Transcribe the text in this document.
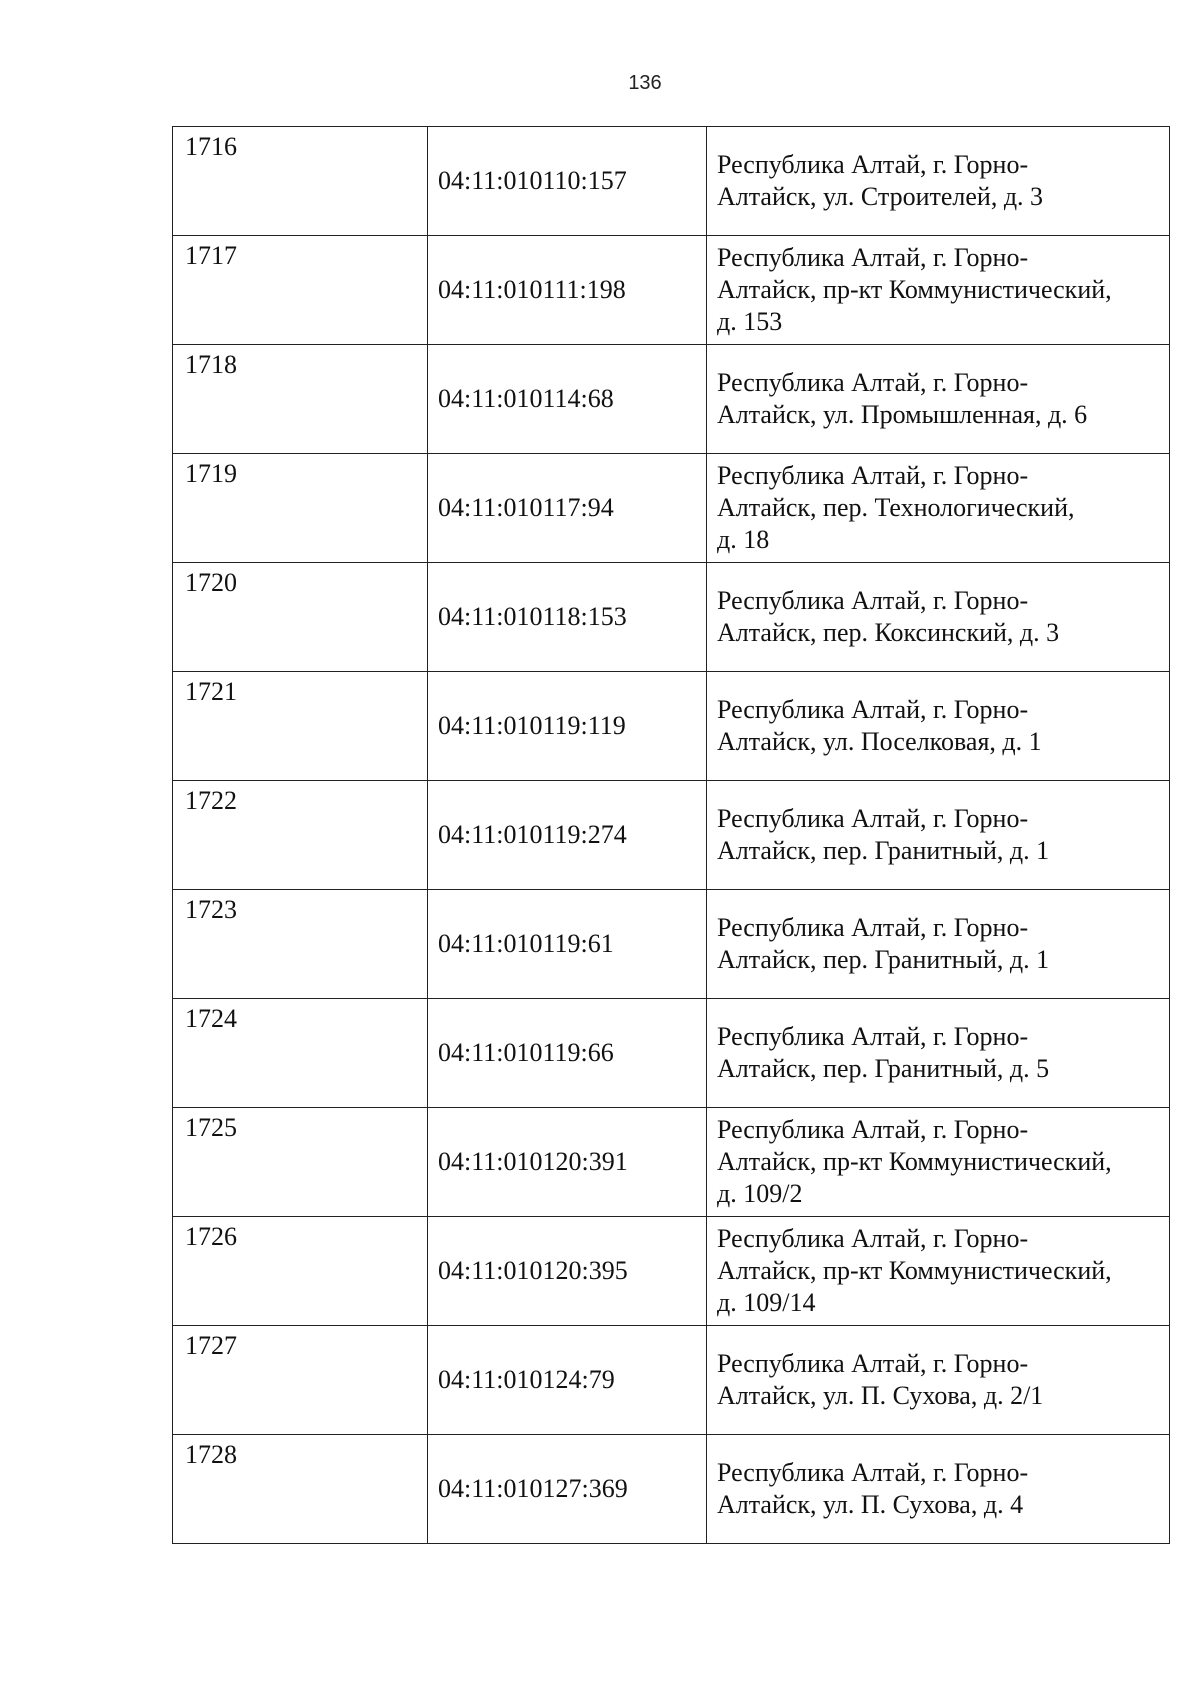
136
1716	04:11:010110:157	Республика Алтай, г. Горно-
Алтайск, ул. Строителей, д. 3

1717	04:11:010111:198	Республика Алтай, г. Горно-
Алтайск, пр-кт Коммунистический,
д. 153

1718	04:11:010114:68	Республика Алтай, г. Горно-
Алтайск, ул. Промышленная, д. 6

1719	04:11:010117:94	Республика Алтай, г. Горно-
Алтайск, пер. Технологический,
д. 18

1720	04:11:010118:153	Республика Алтай, г. Горно-
Алтайск, пер. Коксинский, д. 3

1721	04:11:010119:119	Республика Алтай, г. Горно-
Алтайск, ул. Поселковая, д. 1

1722	04:11:010119:274	Республика Алтай, г. Горно-
Алтайск, пер. Гранитный, д. 1

1723	04:11:010119:61	Республика Алтай, г. Горно-
Алтайск, пер. Гранитный, д. 1

1724	04:11:010119:66	Республика Алтай, г. Горно-
Алтайск, пер. Гранитный, д. 5

1725	04:11:010120:391	Республика Алтай, г. Горно-
Алтайск, пр-кт Коммунистический,
д. 109/2

1726	04:11:010120:395	Республика Алтай, г. Горно-
Алтайск, пр-кт Коммунистический,
д. 109/14

1727	04:11:010124:79	Республика Алтай, г. Горно-
Алтайск, ул. П. Сухова, д. 2/1

1728	04:11:010127:369	Республика Алтай, г. Горно-
Алтайск, ул. П. Сухова, д. 4
